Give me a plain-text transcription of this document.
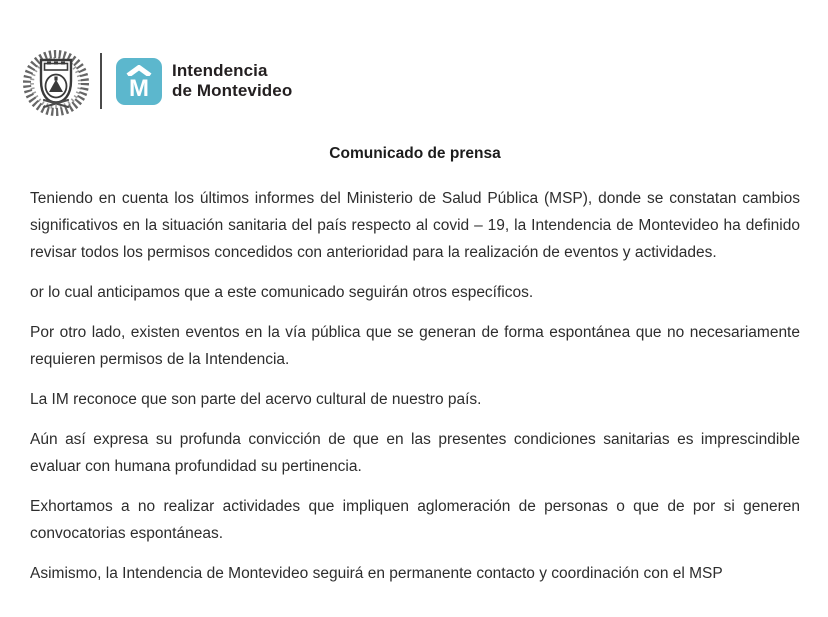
M
Intendencia
de Montevideo
Comunicado de prensa

Teniendo en cuenta los últimos informes del Ministerio de Salud Pública (MSP), donde se constatan cambios significativos en la situación sanitaria del país respecto al covid – 19, la Intendencia de Montevideo ha definido revisar todos los permisos concedidos con anterioridad para la realización de eventos y actividades.

or lo cual anticipamos que a este comunicado seguirán otros específicos.

Por otro lado, existen eventos en la vía pública que se generan de forma espontánea que no necesariamente requieren permisos de la Intendencia.

La IM reconoce que son parte del acervo cultural de nuestro país.

Aún así expresa su profunda convicción de que en las presentes condiciones sanitarias es imprescindible evaluar con humana profundidad su pertinencia.

Exhortamos a no realizar actividades que impliquen aglomeración de personas o que de por si generen convocatorias espontáneas.

Asimismo, la Intendencia de Montevideo seguirá en permanente contacto y coordinación con el MSP
